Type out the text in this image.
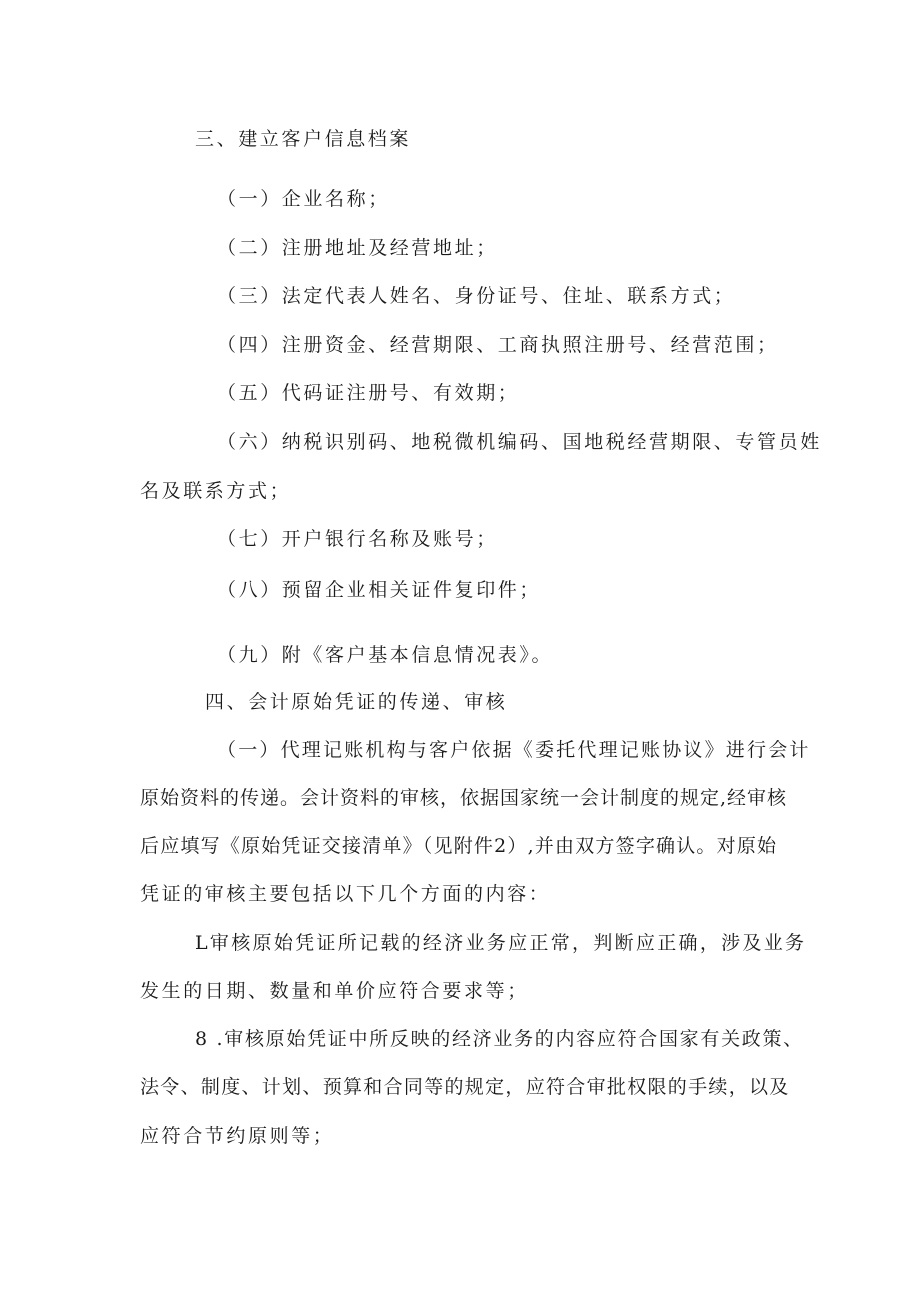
三、建立客户信息档案
（一）企业名称；
（二）注册地址及经营地址；
（三）法定代表人姓名、身份证号、住址、联系方式；
（四）注册资金、经营期限、工商执照注册号、经营范围；
（五）代码证注册号、有效期；
（六）纳税识别码、地税微机编码、国地税经营期限、专管员姓
名及联系方式；
（七）开户银行名称及账号；
（八）预留企业相关证件复印件；
（九）附《客户基本信息情况表》。
四、会计原始凭证的传递、审核
（一）代理记账机构与客户依据《委托代理记账协议》进行会计
原始资料的传递。会计资料的审核，依据国家统一会计制度的规定,经审核
后应填写《原始凭证交接清单》（见附件2）,并由双方签字确认。对原始
凭证的审核主要包括以下几个方面的内容：
L审核原始凭证所记载的经济业务应正常，判断应正确，涉及业务
发生的日期、数量和单价应符合要求等；
8 .审核原始凭证中所反映的经济业务的内容应符合国家有关政策、
法令、制度、计划、预算和合同等的规定，应符合审批权限的手续，以及
应符合节约原则等；
